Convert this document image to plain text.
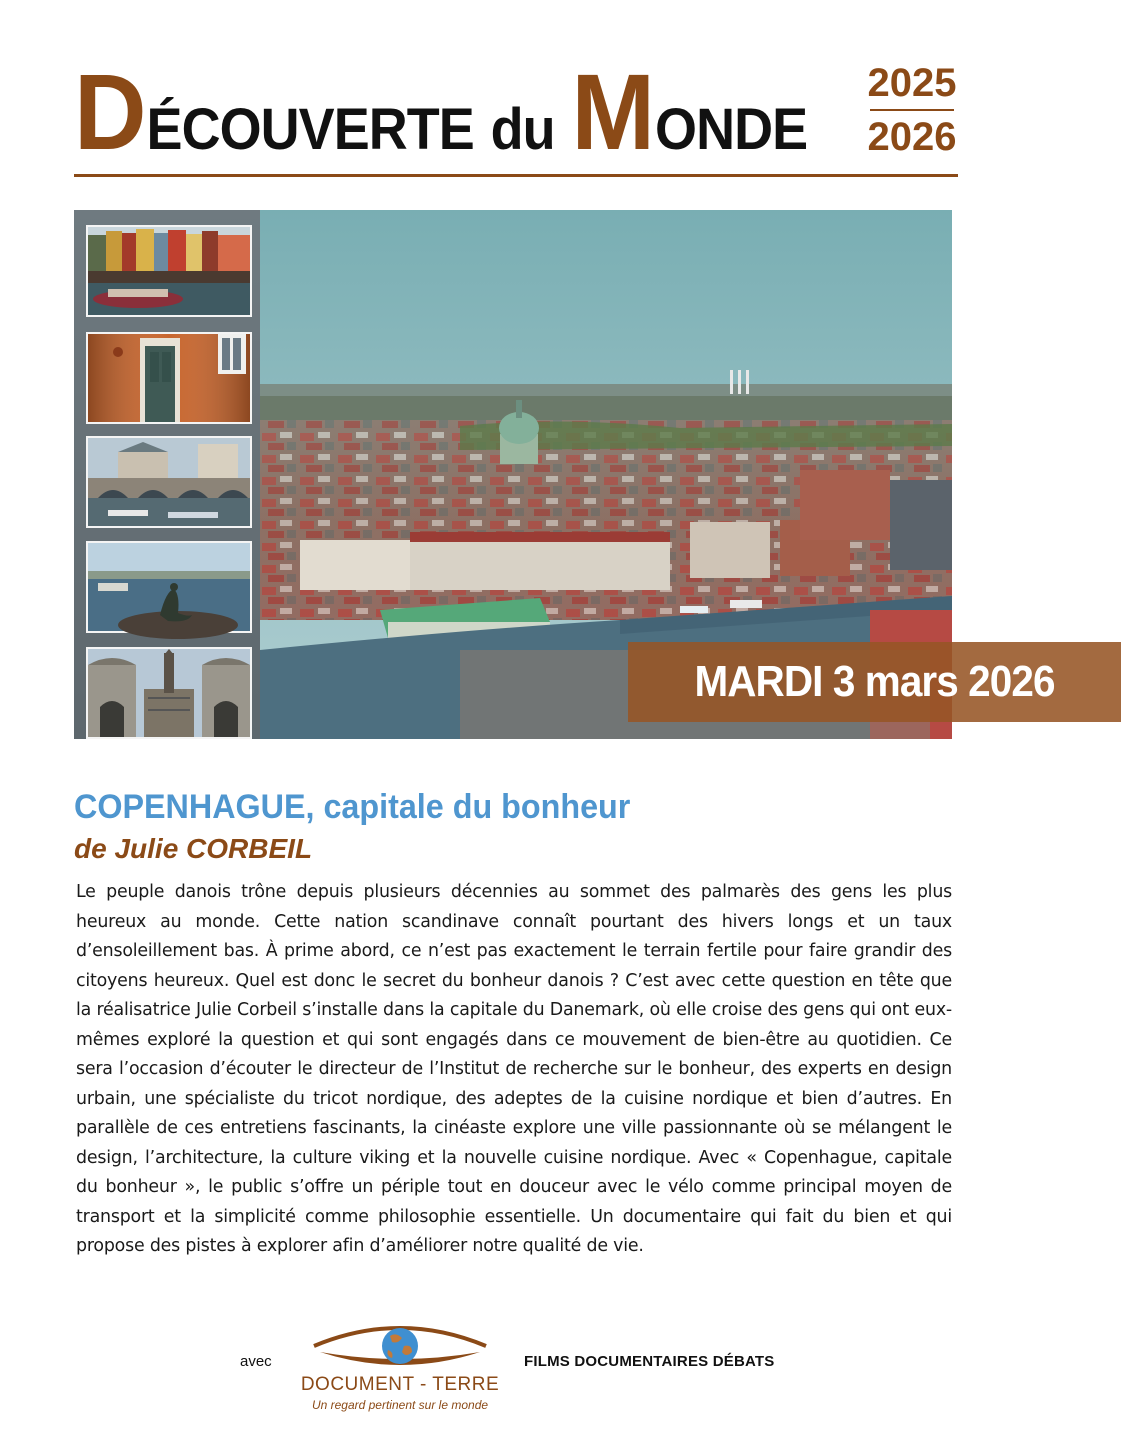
DÉCOUVERTE du MONDE
2025
2026
MARDI 3 mars 2026
COPENHAGUE, capitale du bonheur
de Julie CORBEIL

Le peuple danois trône depuis plusieurs décennies au sommet des palmarès des gens les plus heureux au monde. Cette nation scandinave connaît pourtant des hivers longs et un taux d’ensoleillement bas. À prime abord, ce n’est pas exactement le terrain fertile pour faire grandir des citoyens heureux. Quel est donc le secret du bonheur danois ? C’est avec cette question en tête que la réalisatrice Julie Corbeil s’installe dans la capitale du Danemark, où elle croise des gens qui ont eux-mêmes exploré la question et qui sont engagés dans ce mouvement de bien-être au quotidien. Ce sera l’occasion d’écouter le directeur de l’Institut de recherche sur le bonheur, des experts en design urbain, une spécialiste du tricot nordique, des adeptes de la cuisine nordique et bien d’autres. En parallèle de ces entretiens fascinants, la cinéaste explore une ville passionnante où se mélangent le design, l’architecture, la culture viking et la nouvelle cuisine nordique. Avec « Copenhague, capitale du bonheur », le public s’offre un périple tout en douceur avec le vélo comme principal moyen de transport et la simplicité comme philosophie essentielle. Un documentaire qui fait du bien et qui propose des pistes à explorer afin d’améliorer notre qualité de vie.

avec
DOCUMENT - TERRE
Un regard pertinent sur le monde
FILMS DOCUMENTAIRES DÉBATS
